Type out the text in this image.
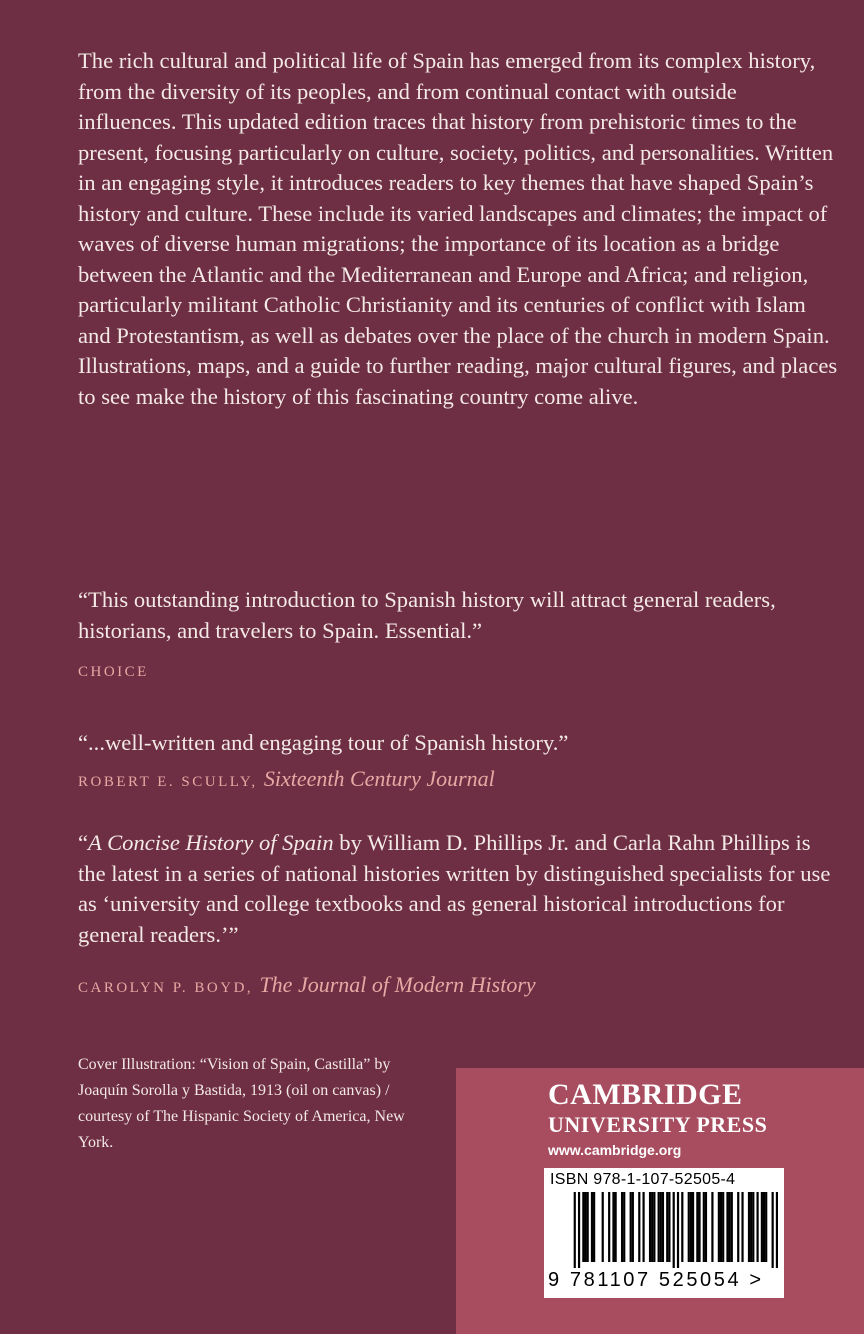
The rich cultural and political life of Spain has emerged from its complex history, from the diversity of its peoples, and from continual contact with outside influences. This updated edition traces that history from prehistoric times to the present, focusing particularly on culture, society, politics, and personalities. Written in an engaging style, it introduces readers to key themes that have shaped Spain’s history and culture. These include its varied landscapes and climates; the impact of waves of diverse human migrations; the importance of its location as a bridge between the Atlantic and the Mediterranean and Europe and Africa; and religion, particularly militant Catholic Christianity and its centuries of conflict with Islam and Protestantism, as well as debates over the place of the church in modern Spain. Illustrations, maps, and a guide to further reading, major cultural figures, and places to see make the history of this fascinating country come alive.

“This outstanding introduction to Spanish history will attract general readers, historians, and travelers to Spain. Essential.”

CHOICE

“...well-written and engaging tour of Spanish history.”

ROBERT E. SCULLY, Sixteenth Century Journal

“A Concise History of Spain by William D. Phillips Jr. and Carla Rahn Phillips is the latest in a series of national histories written by distinguished specialists for use as ‘university and college textbooks and as general historical introductions for general readers.’”

CAROLYN P. BOYD, The Journal of Modern History

Cover Illustration: “Vision of Spain, Castilla” by Joaquín Sorolla y Bastida, 1913 (oil on canvas) / courtesy of The Hispanic Society of America, New York.

CAMBRIDGE
UNIVERSITY PRESS
www.cambridge.org
ISBN 978-1-107-52505-4
9 781107 525054 >
